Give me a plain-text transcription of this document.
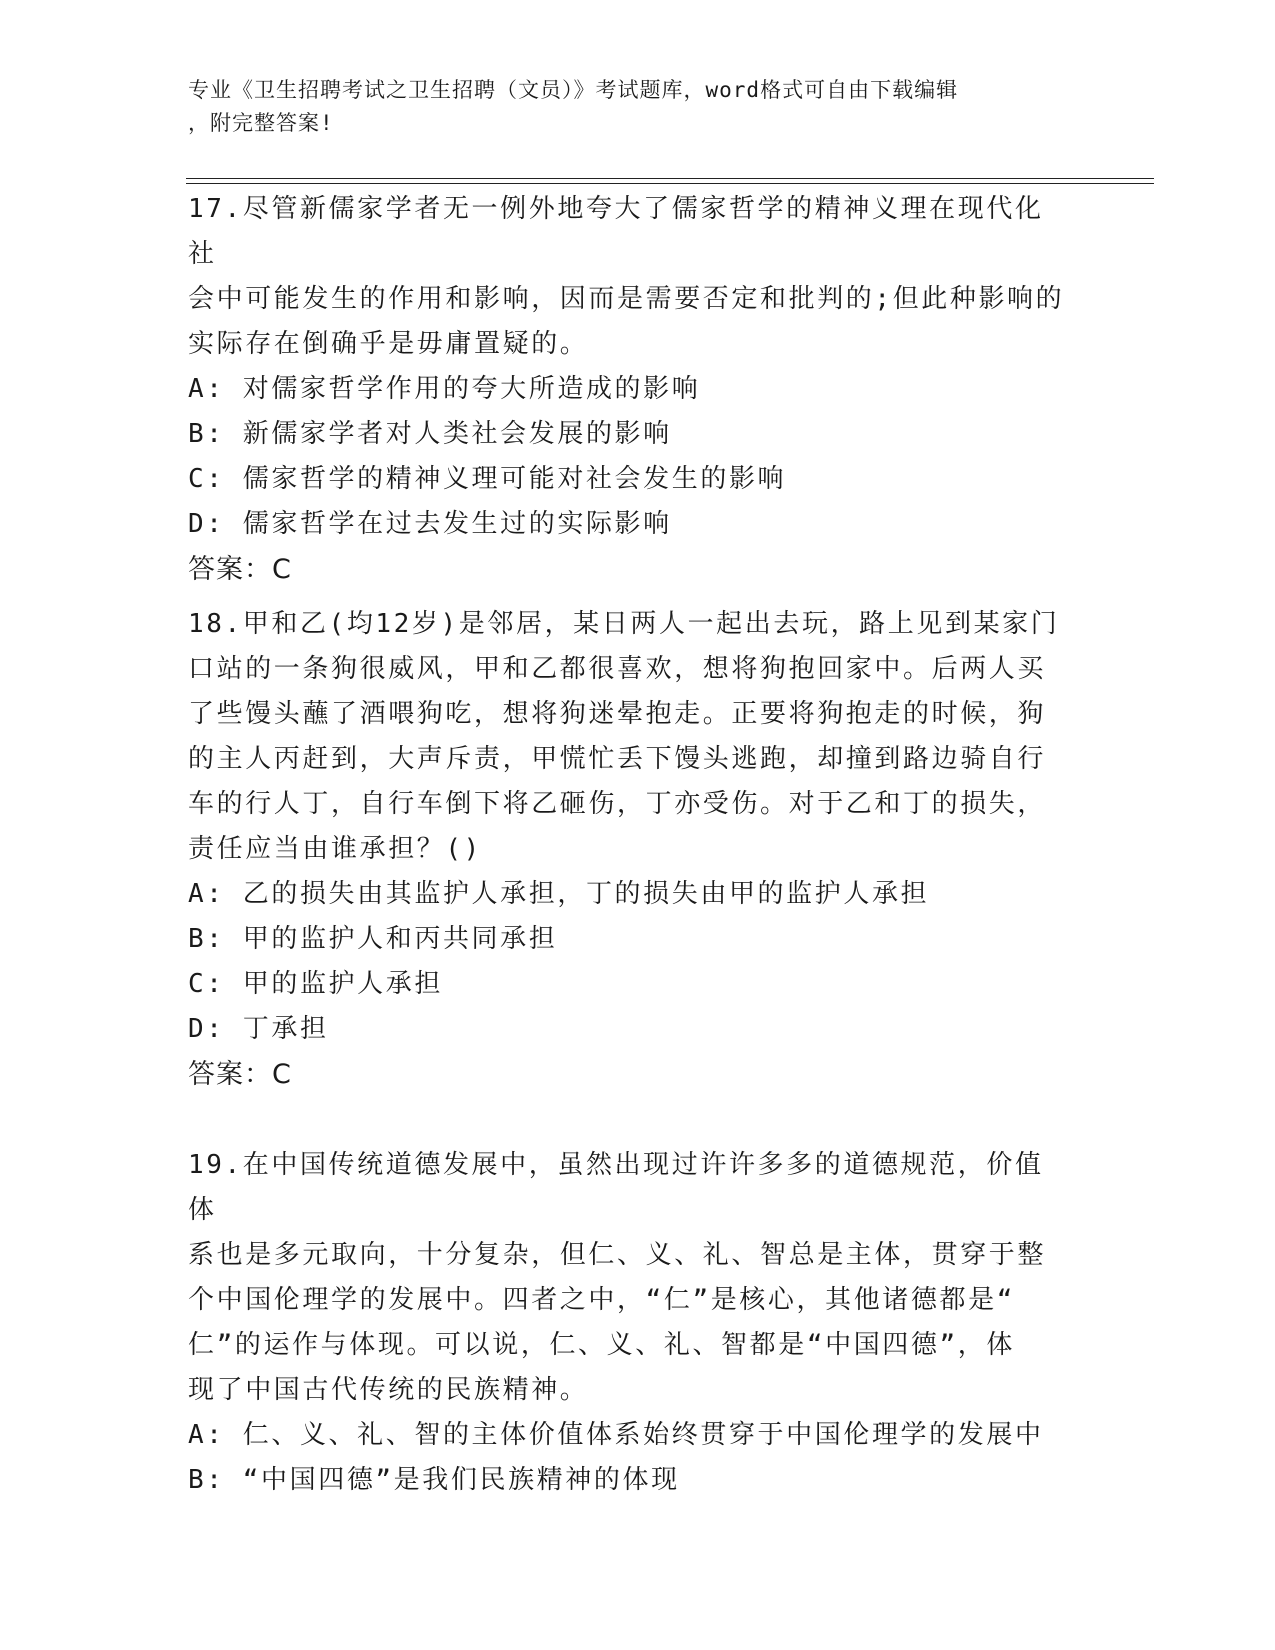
专业《卫生招聘考试之卫生招聘（文员）》考试题库，word格式可自由下载编辑
，附完整答案!
17.尽管新儒家学者无一例外地夸大了儒家哲学的精神义理在现代化社
会中可能发生的作用和影响，因而是需要否定和批判的;但此种影响的
实际存在倒确乎是毋庸置疑的。
A: 对儒家哲学作用的夸大所造成的影响
B: 新儒家学者对人类社会发展的影响
C: 儒家哲学的精神义理可能对社会发生的影响
D: 儒家哲学在过去发生过的实际影响
答案：C
18.甲和乙(均12岁)是邻居，某日两人一起出去玩，路上见到某家门
口站的一条狗很威风，甲和乙都很喜欢，想将狗抱回家中。后两人买
了些馒头蘸了酒喂狗吃，想将狗迷晕抱走。正要将狗抱走的时候，狗
的主人丙赶到，大声斥责，甲慌忙丢下馒头逃跑，却撞到路边骑自行
车的行人丁，自行车倒下将乙砸伤，丁亦受伤。对于乙和丁的损失，
责任应当由谁承担？()
A: 乙的损失由其监护人承担，丁的损失由甲的监护人承担
B: 甲的监护人和丙共同承担
C: 甲的监护人承担
D: 丁承担
答案：C
19.在中国传统道德发展中，虽然出现过许许多多的道德规范，价值体
系也是多元取向，十分复杂，但仁、义、礼、智总是主体，贯穿于整
个中国伦理学的发展中。四者之中，“仁”是核心，其他诸德都是“
仁”的运作与体现。可以说，仁、义、礼、智都是“中国四德”，体
现了中国古代传统的民族精神。
A: 仁、义、礼、智的主体价值体系始终贯穿于中国伦理学的发展中
B: “中国四德”是我们民族精神的体现
